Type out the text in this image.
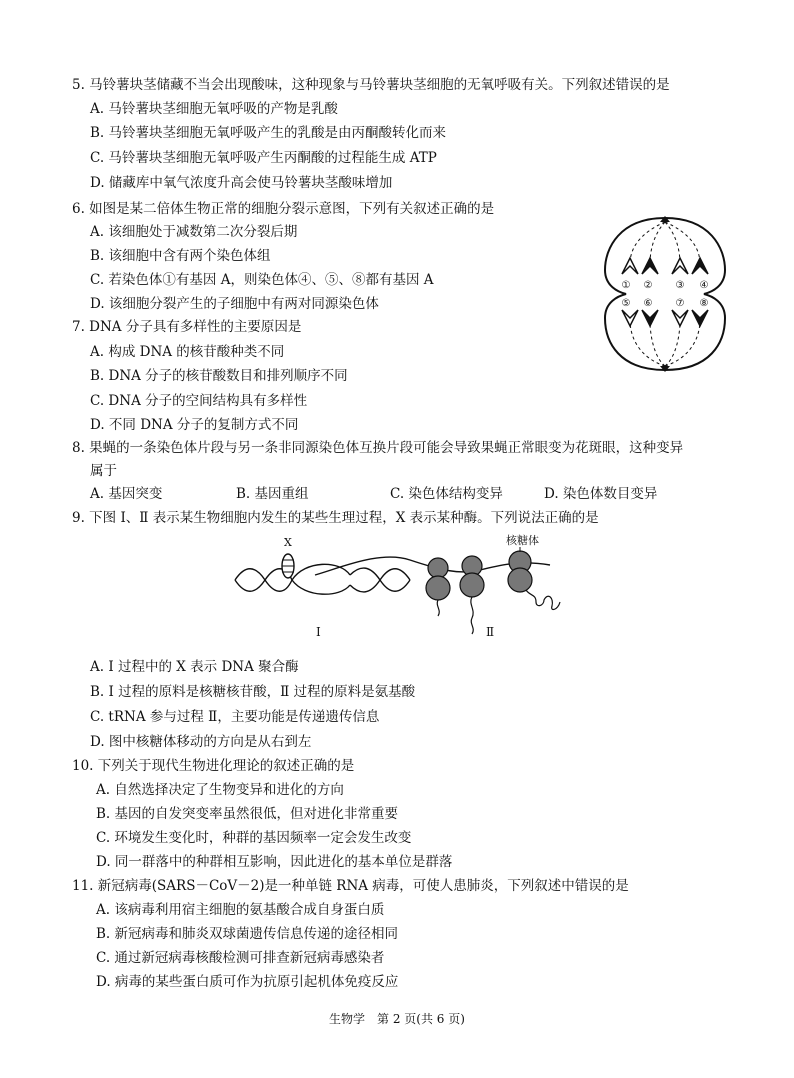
5. 马铃薯块茎储藏不当会出现酸味，这种现象与马铃薯块茎细胞的无氧呼吸有关。下列叙述错误的是
A. 马铃薯块茎细胞无氧呼吸的产物是乳酸
B. 马铃薯块茎细胞无氧呼吸产生的乳酸是由丙酮酸转化而来
C. 马铃薯块茎细胞无氧呼吸产生丙酮酸的过程能生成 ATP
D. 储藏库中氧气浓度升高会使马铃薯块茎酸味增加
6. 如图是某二倍体生物正常的细胞分裂示意图，下列有关叙述正确的是
A. 该细胞处于减数第二次分裂后期
B. 该细胞中含有两个染色体组
C. 若染色体①有基因 A，则染色体④、⑤、⑧都有基因 A
D. 该细胞分裂产生的子细胞中有两对同源染色体
① ② ③ ④
⑤ ⑥ ⑦ ⑧
7. DNA 分子具有多样性的主要原因是
A. 构成 DNA 的核苷酸种类不同
B. DNA 分子的核苷酸数目和排列顺序不同
C. DNA 分子的空间结构具有多样性
D. 不同 DNA 分子的复制方式不同
8. 果蝇的一条染色体片段与另一条非同源染色体互换片段可能会导致果蝇正常眼变为花斑眼，这种变异
属于
A. 基因突变	B. 基因重组	C. 染色体结构变异	D. 染色体数目变异
9. 下图 Ⅰ、Ⅱ 表示某生物细胞内发生的某些生理过程，X 表示某种酶。下列说法正确的是
X	核糖体
Ⅰ	Ⅱ
A. Ⅰ 过程中的 X 表示 DNA 聚合酶
B. Ⅰ 过程的原料是核糖核苷酸，Ⅱ 过程的原料是氨基酸
C. tRNA 参与过程 Ⅱ，主要功能是传递遗传信息
D. 图中核糖体移动的方向是从右到左
10. 下列关于现代生物进化理论的叙述正确的是
A. 自然选择决定了生物变异和进化的方向
B. 基因的自发突变率虽然很低，但对进化非常重要
C. 环境发生变化时，种群的基因频率一定会发生改变
D. 同一群落中的种群相互影响，因此进化的基本单位是群落
11. 新冠病毒(SARS－CoV－2)是一种单链 RNA 病毒，可使人患肺炎，下列叙述中错误的是
A. 该病毒利用宿主细胞的氨基酸合成自身蛋白质
B. 新冠病毒和肺炎双球菌遗传信息传递的途径相同
C. 通过新冠病毒核酸检测可排查新冠病毒感染者
D. 病毒的某些蛋白质可作为抗原引起机体免疫反应
生物学　第 2 页(共 6 页)
